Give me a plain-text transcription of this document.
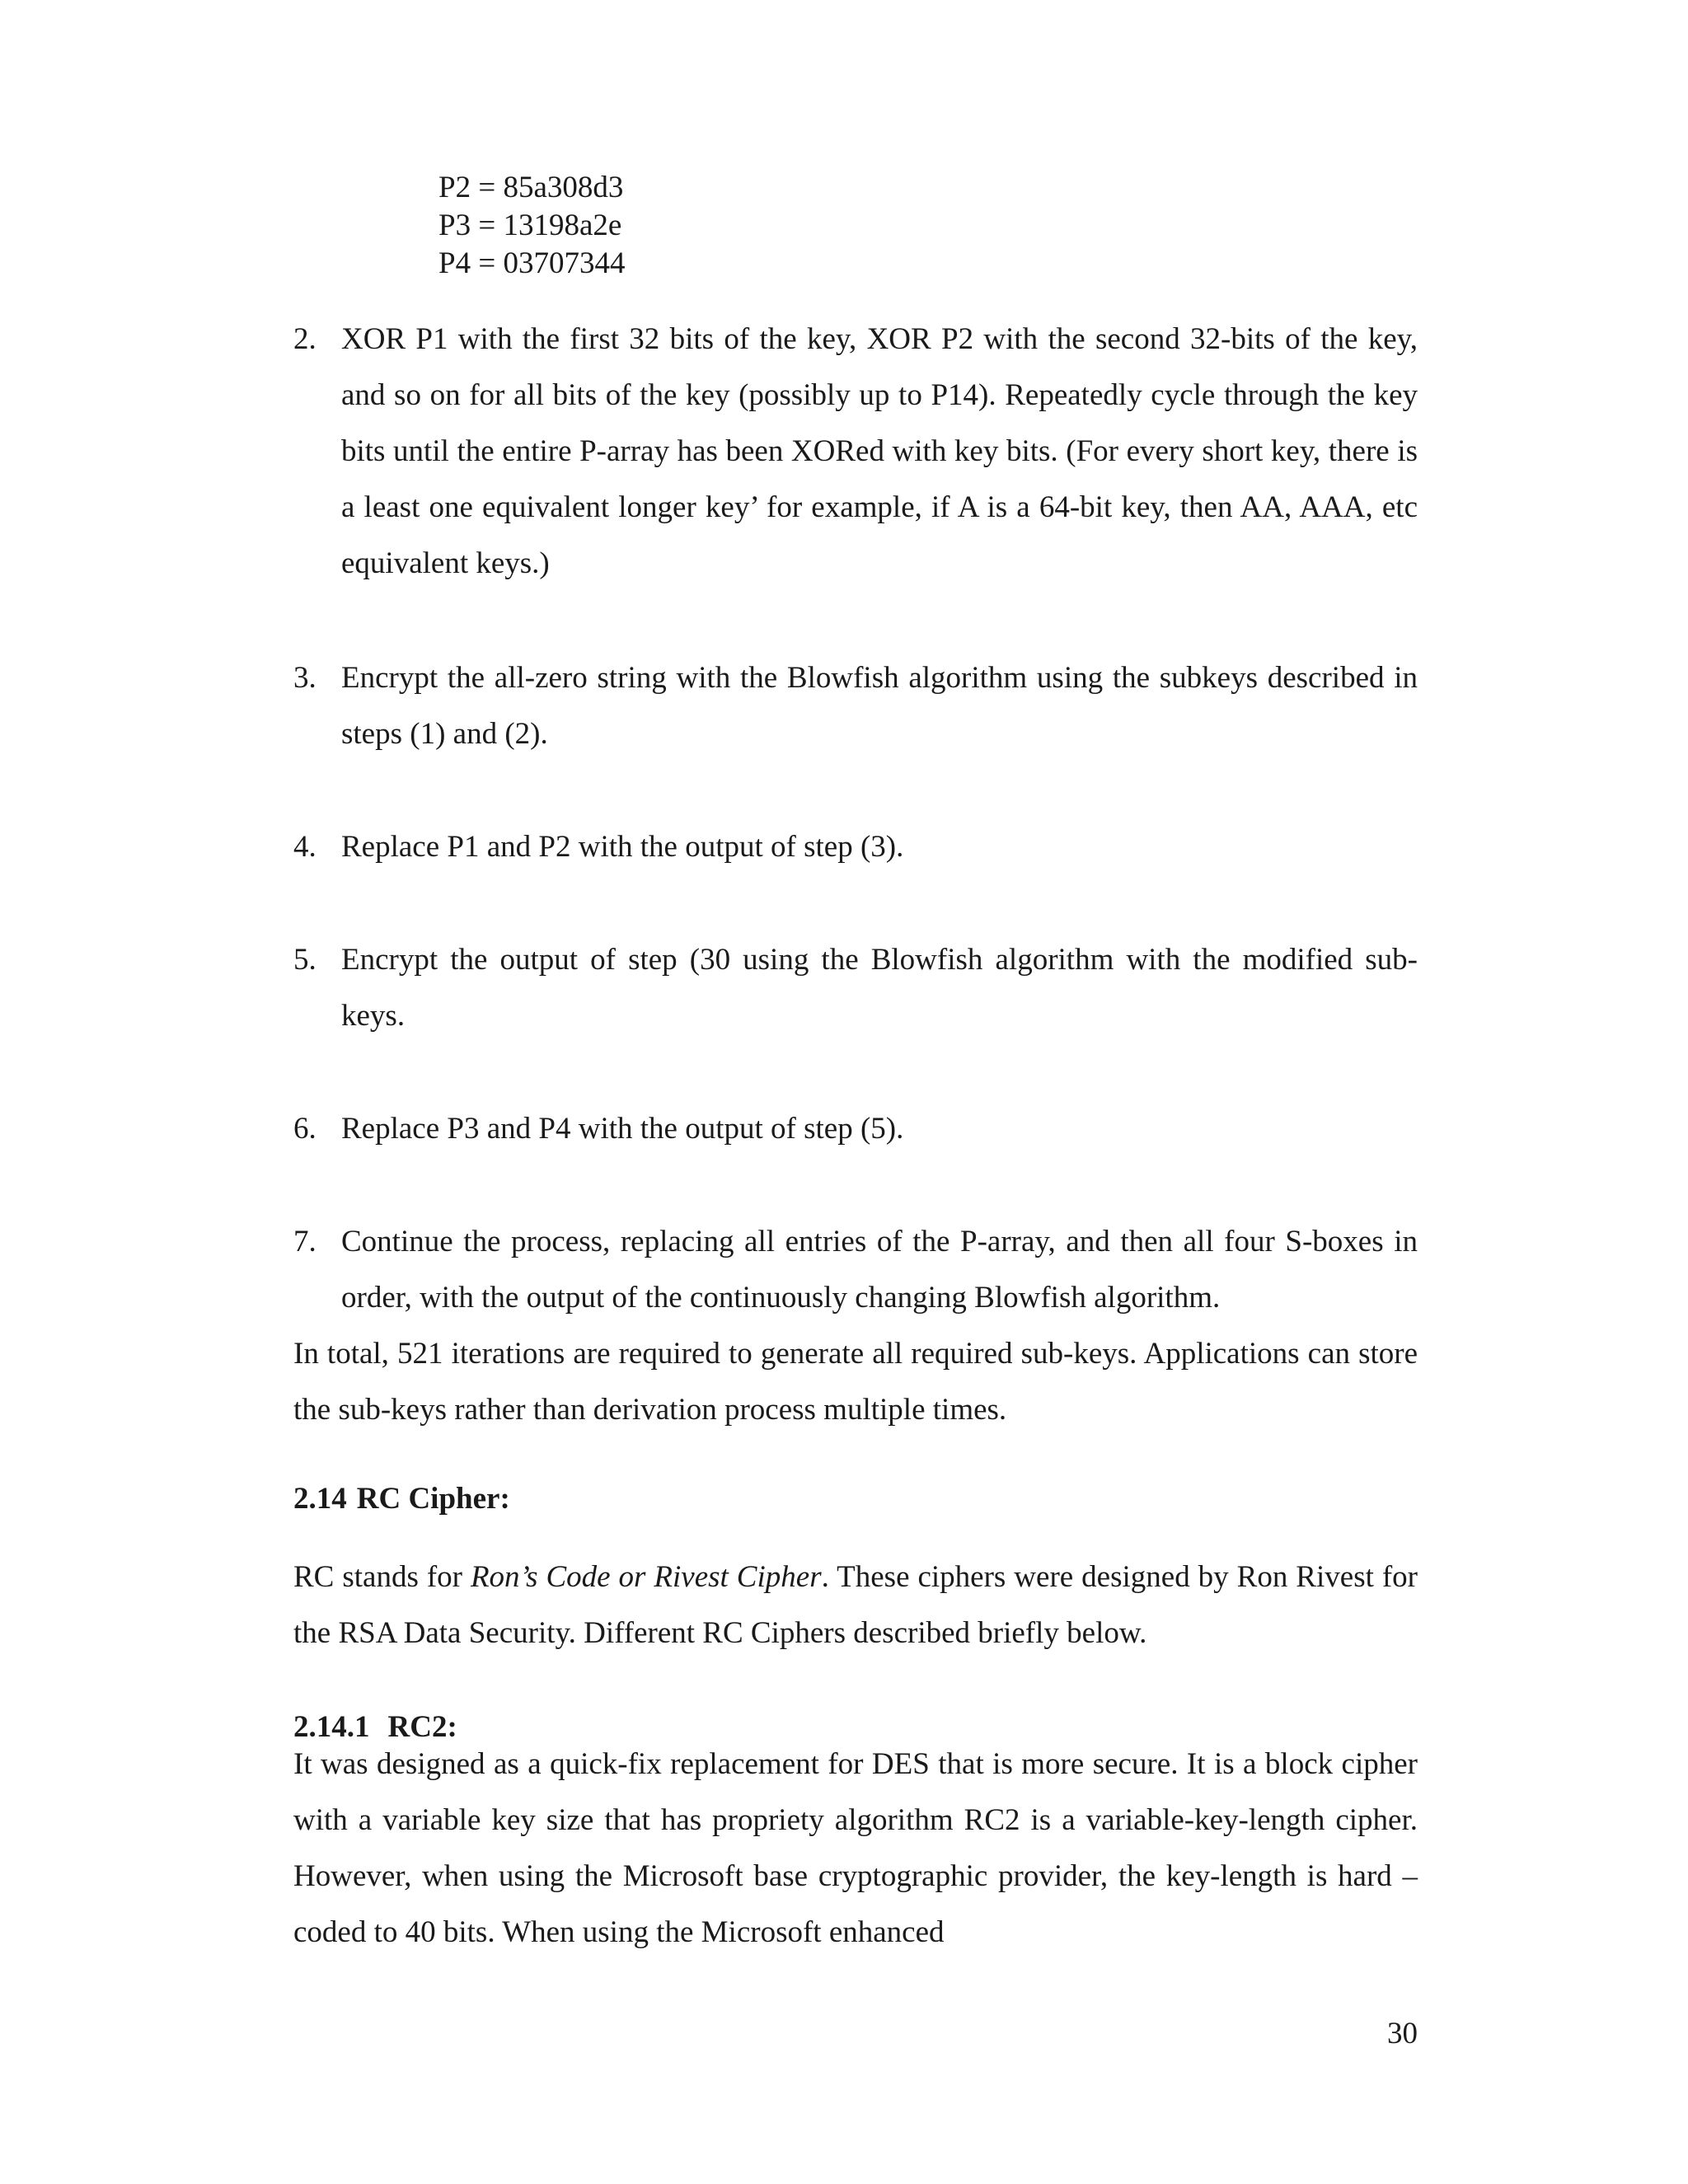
P2 = 85a308d3
P3 = 13198a2e
P4 = 03707344
2. XOR P1 with the first 32 bits of the key, XOR P2 with the second 32-bits of the key, and so on for all bits of the key (possibly up to P14). Repeatedly cycle through the key bits until the entire P-array has been XORed with key bits. (For every short key, there is a least one equivalent longer key’ for example, if A is a 64-bit key, then AA, AAA, etc equivalent keys.)
3. Encrypt the all-zero string with the Blowfish algorithm using the subkeys described in steps (1) and (2).
4. Replace P1 and P2 with the output of step (3).
5. Encrypt the output of step (30 using the Blowfish algorithm with the modified sub-keys.
6. Replace P3 and P4 with the output of step (5).
7. Continue the process, replacing all entries of the P-array, and then all four S-boxes in order, with the output of the continuously changing Blowfish algorithm.

In total, 521 iterations are required to generate all required sub-keys. Applications can store the sub-keys rather than derivation process multiple times.

2.14 RC Cipher:

RC stands for Ron’s Code or Rivest Cipher. These ciphers were designed by Ron Rivest for the RSA Data Security. Different RC Ciphers described briefly below.

2.14.1 RC2:

It was designed as a quick-fix replacement for DES that is more secure. It is a block cipher with a variable key size that has propriety algorithm RC2 is a variable-key-length cipher. However, when using the Microsoft base cryptographic provider, the key-length is hard –coded to 40 bits. When using the Microsoft enhanced

30
